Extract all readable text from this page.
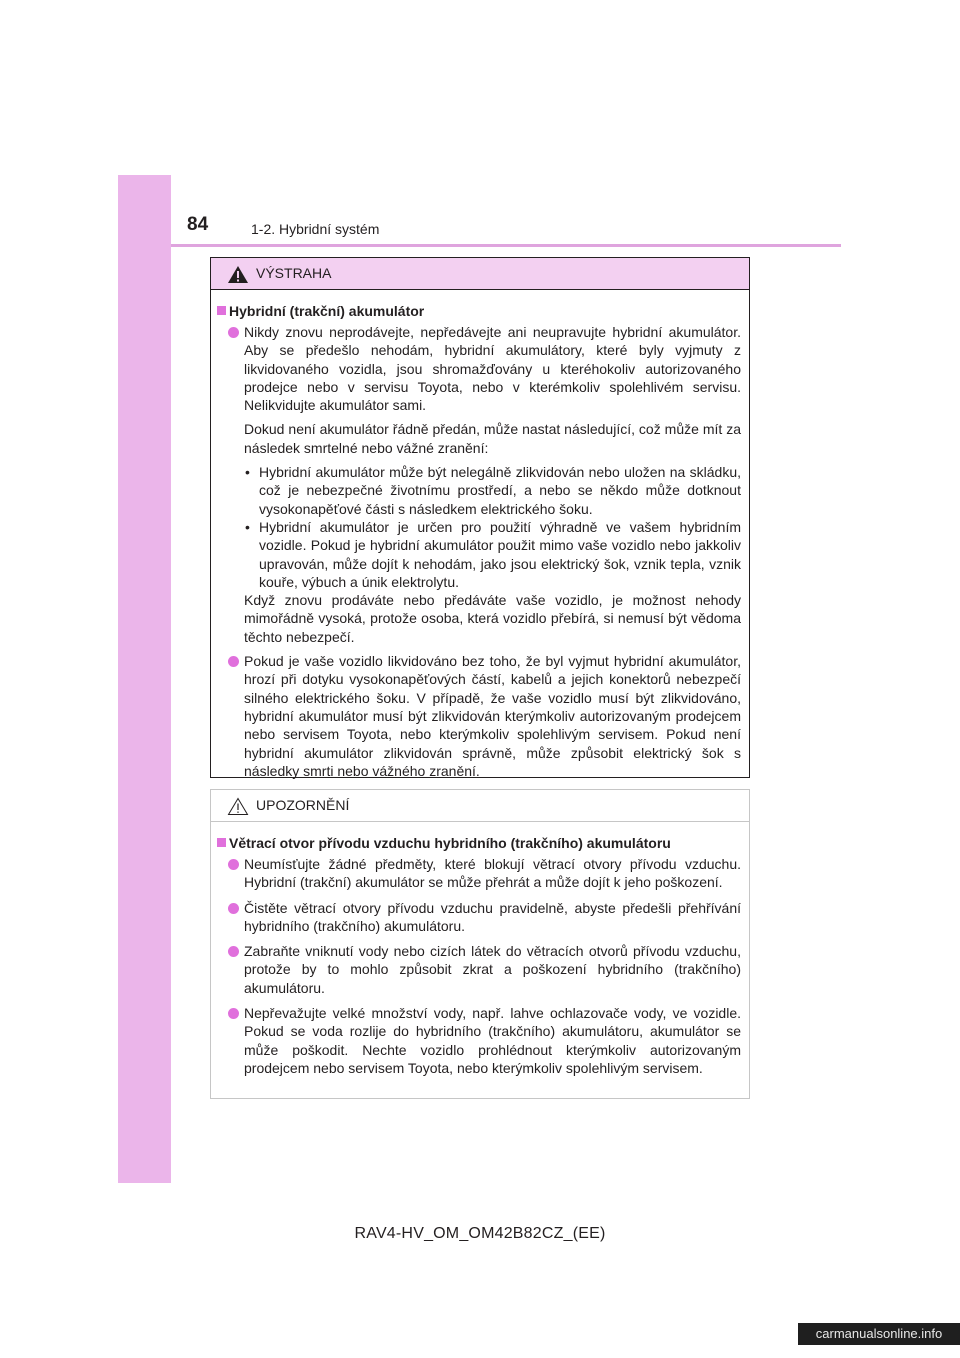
84	1-2. Hybridní systém
VÝSTRAHA
Hybridní (trakční) akumulátor
Nikdy znovu neprodávejte, nepředávejte ani neupravujte hybridní akumulátor. Aby se předešlo nehodám, hybridní akumulátory, které byly vyjmuty z likvidovaného vozidla, jsou shromažďovány u kteréhokoliv autorizovaného prodejce nebo v servisu Toyota, nebo v kterémkoliv spolehlivém servisu. Nelikvidujte akumulátor sami.

Dokud není akumulátor řádně předán, může nastat následující, což může mít za následek smrtelné nebo vážné zranění:

• Hybridní akumulátor může být nelegálně zlikvidován nebo uložen na skládku, což je nebezpečné životnímu prostředí, a nebo se někdo může dotknout vysokonapěťové části s následkem elektrického šoku.
• Hybridní akumulátor je určen pro použití výhradně ve vašem hybridním vozidle. Pokud je hybridní akumulátor použit mimo vaše vozidlo nebo jakkoliv upravován, může dojít k nehodám, jako jsou elektrický šok, vznik tepla, vznik kouře, výbuch a únik elektrolytu.

Když znovu prodáváte nebo předáváte vaše vozidlo, je možnost nehody mimořádně vysoká, protože osoba, která vozidlo přebírá, si nemusí být vědoma těchto nebezpečí.

Pokud je vaše vozidlo likvidováno bez toho, že byl vyjmut hybridní akumulátor, hrozí při dotyku vysokonapěťových částí, kabelů a jejich konektorů nebezpečí silného elektrického šoku. V případě, že vaše vozidlo musí být zlikvidováno, hybridní akumulátor musí být zlikvidován kterýmkoliv autorizovaným prodejcem nebo servisem Toyota, nebo kterýmkoliv spolehlivým servisem. Pokud není hybridní akumulátor zlikvidován správně, může způsobit elektrický šok s následky smrti nebo vážného zranění.
UPOZORNĚNÍ
Větrací otvor přívodu vzduchu hybridního (trakčního) akumulátoru
Neumísťujte žádné předměty, které blokují větrací otvory přívodu vzduchu. Hybridní (trakční) akumulátor se může přehrát a může dojít k jeho poškození.
Čistěte větrací otvory přívodu vzduchu pravidelně, abyste předešli přehřívání hybridního (trakčního) akumulátoru.
Zabraňte vniknutí vody nebo cizích látek do větracích otvorů přívodu vzduchu, protože by to mohlo způsobit zkrat a poškození hybridního (trakčního) akumulátoru.
Nepřevažujte velké množství vody, např. lahve ochlazovače vody, ve vozidle. Pokud se voda rozlije do hybridního (trakčního) akumulátoru, akumulátor se může poškodit. Nechte vozidlo prohlédnout kterýmkoliv autorizovaným prodejcem nebo servisem Toyota, nebo kterýmkoliv spolehlivým servisem.
RAV4-HV_OM_OM42B82CZ_(EE)
carmanualsonline.info
